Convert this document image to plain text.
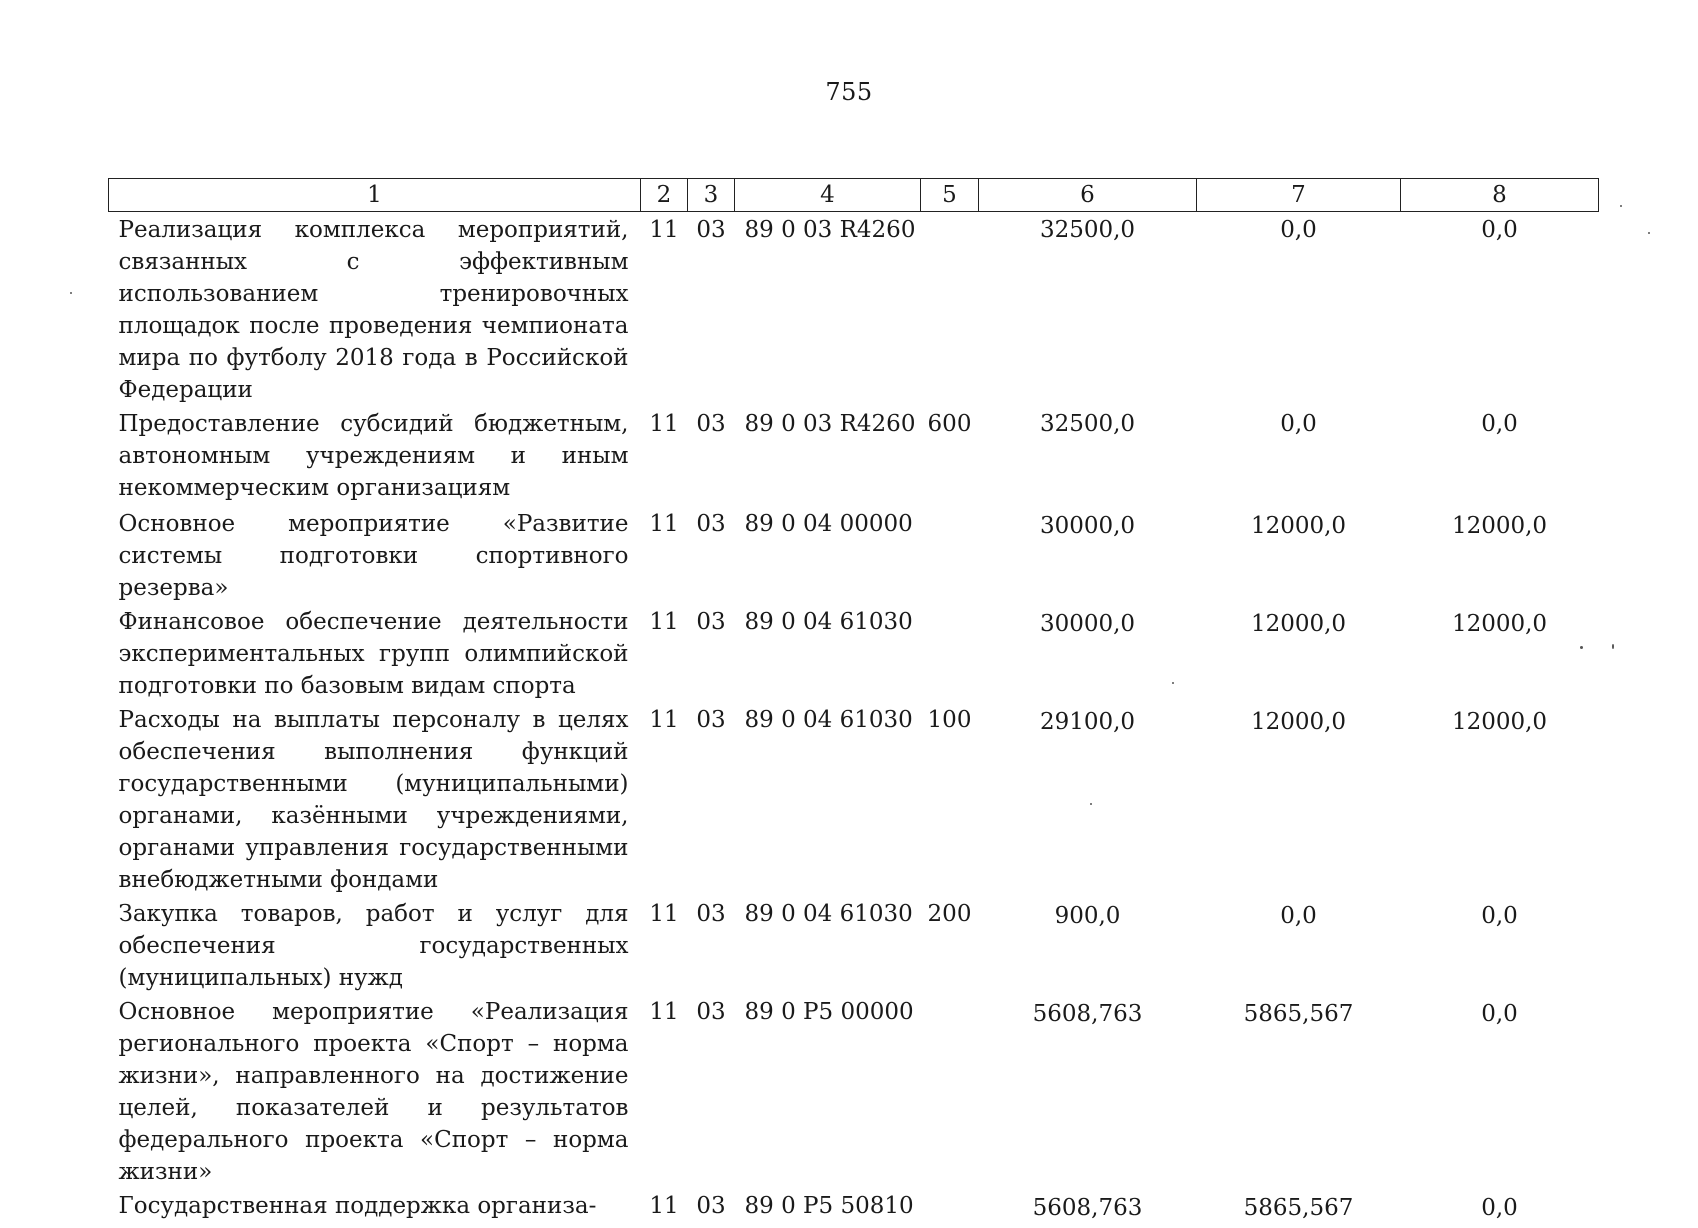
755
1	2	3	4	5	6	7	8
Реализация комплекса мероприятий, связанных с эффективным использованием тренировочных площадок после проведения чемпионата мира по футболу 2018 года в Российской Федерации	11	03	89 0 03 R4260		32500,0	0,0	0,0
Предоставление субсидий бюджетным, автономным учреждениям и иным некоммерческим организациям	11	03	89 0 03 R4260	600	32500,0	0,0	0,0
Основное мероприятие «Развитие системы подготовки спортивного резерва»	11	03	89 0 04 00000		30000,0	12000,0	12000,0
Финансовое обеспечение деятельности экспериментальных групп олимпийской подготовки по базовым видам спорта	11	03	89 0 04 61030		30000,0	12000,0	12000,0
Расходы на выплаты персоналу в целях обеспечения выполнения функций государственными (муниципальными) органами, казёнными учреждениями, органами управления государственными внебюджетными фондами	11	03	89 0 04 61030	100	29100,0	12000,0	12000,0
Закупка товаров, работ и услуг для обеспечения государственных (муниципальных) нужд	11	03	89 0 04 61030	200	900,0	0,0	0,0
Основное мероприятие «Реализация регионального проекта «Спорт – норма жизни», направленного на достижение целей, показателей и результатов федерального проекта «Спорт – норма жизни»	11	03	89 0 P5 00000		5608,763	5865,567	0,0
Государственная поддержка организа-	11	03	89 0 P5 50810		5608,763	5865,567	0,0
